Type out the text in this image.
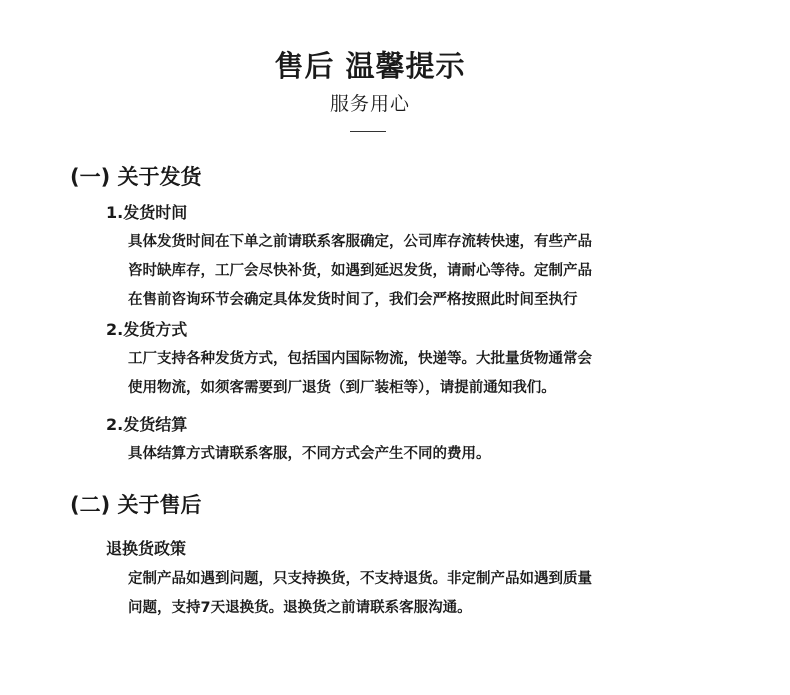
售后 温馨提示
服务用心
(一) 关于发货
1.发货时间
具体发货时间在下单之前请联系客服确定，公司库存流转快速，有些产品
咨时缺库存，工厂会尽快补货，如遇到延迟发货，请耐心等待。定制产品
在售前咨询环节会确定具体发货时间了，我们会严格按照此时间至执行
2.发货方式
工厂支持各种发货方式，包括国内国际物流，快递等。大批量货物通常会
使用物流，如须客需要到厂退货（到厂装柜等），请提前通知我们。
2.发货结算
具体结算方式请联系客服，不同方式会产生不同的费用。
(二) 关于售后
退换货政策
定制产品如遇到问题，只支持换货，不支持退货。非定制产品如遇到质量
问题，支持7天退换货。退换货之前请联系客服沟通。
